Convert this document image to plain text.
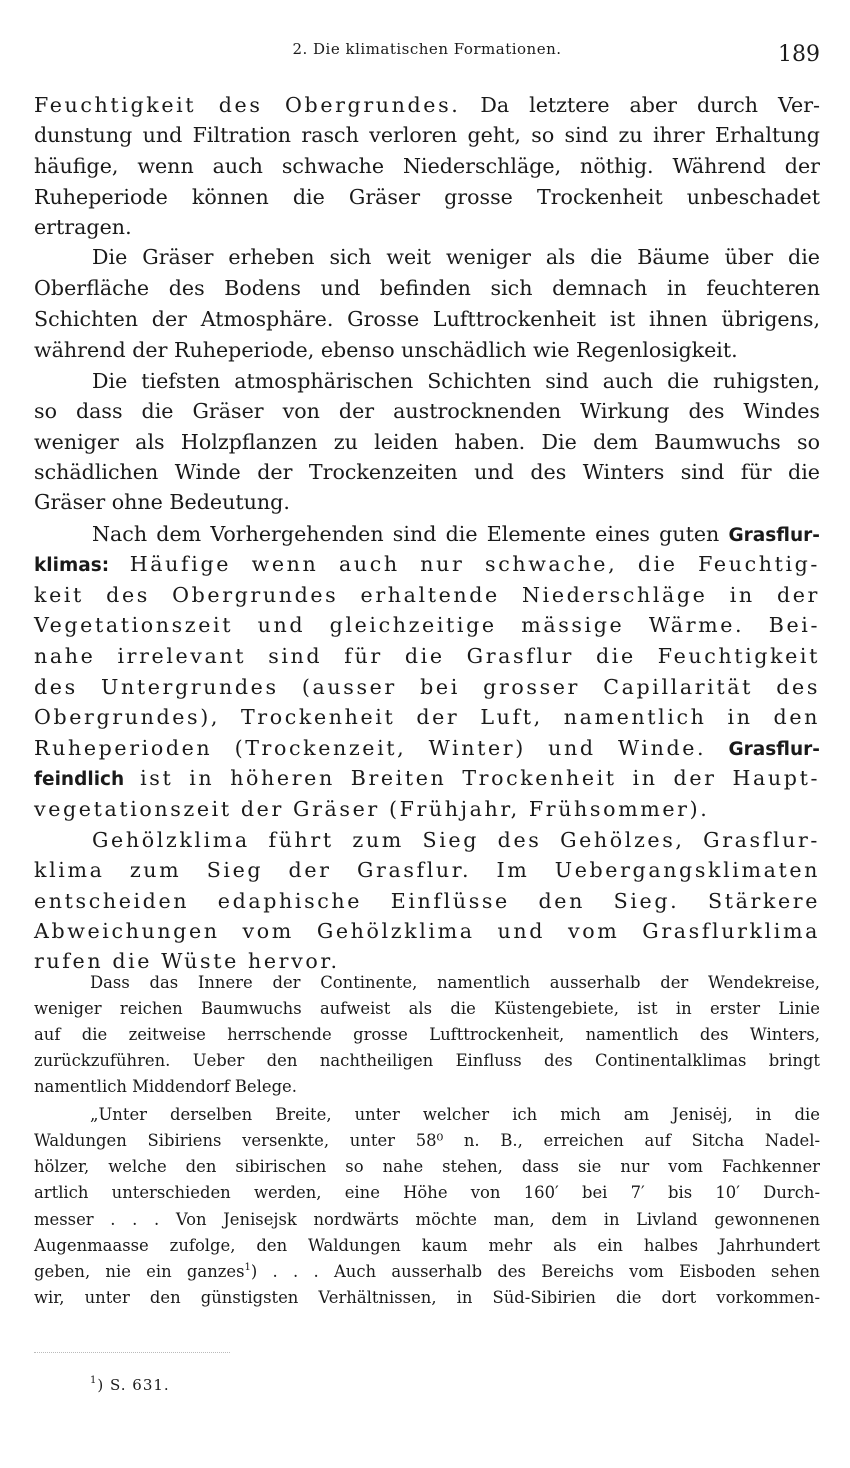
2. Die klimatischen Formationen.	189
Feuchtigkeit des Obergrundes. Da letztere aber durch Ver-
dunstung und Filtration rasch verloren geht, so sind zu ihrer Erhaltung
häufige, wenn auch schwache Niederschläge, nöthig. Während der
Ruheperiode können die Gräser grosse Trockenheit unbeschadet
ertragen.
Die Gräser erheben sich weit weniger als die Bäume über die
Oberfläche des Bodens und befinden sich demnach in feuchteren
Schichten der Atmosphäre. Grosse Lufttrockenheit ist ihnen übrigens,
während der Ruheperiode, ebenso unschädlich wie Regenlosigkeit.
Die tiefsten atmosphärischen Schichten sind auch die ruhigsten,
so dass die Gräser von der austrocknenden Wirkung des Windes
weniger als Holzpflanzen zu leiden haben. Die dem Baumwuchs so
schädlichen Winde der Trockenzeiten und des Winters sind für die
Gräser ohne Bedeutung.
Nach dem Vorhergehenden sind die Elemente eines guten Grasflur-
klimas: Häufige wenn auch nur schwache, die Feuchtig-
keit des Obergrundes erhaltende Niederschläge in der
Vegetationszeit und gleichzeitige mässige Wärme. Bei-
nahe irrelevant sind für die Grasflur die Feuchtigkeit
des Untergrundes (ausser bei grosser Capillarität des
Obergrundes), Trockenheit der Luft, namentlich in den
Ruheperioden (Trockenzeit, Winter) und Winde. Grasflur-
feindlich ist in höheren Breiten Trockenheit in der Haupt-
vegetationszeit der Gräser (Frühjahr, Frühsommer).
Gehölzklima führt zum Sieg des Gehölzes, Grasflur-
klima zum Sieg der Grasflur. Im Uebergangsklimaten
entscheiden edaphische Einflüsse den Sieg. Stärkere
Abweichungen vom Gehölzklima und vom Grasflurklima
rufen die Wüste hervor.
Dass das Innere der Continente, namentlich ausserhalb der Wendekreise,
weniger reichen Baumwuchs aufweist als die Küstengebiete, ist in erster Linie
auf die zeitweise herrschende grosse Lufttrockenheit, namentlich des Winters,
zurückzuführen. Ueber den nachtheiligen Einfluss des Continentalklimas bringt
namentlich Middendorf Belege.
„Unter derselben Breite, unter welcher ich mich am Jenisėj, in die
Waldungen Sibiriens versenkte, unter 58⁰ n. B., erreichen auf Sitcha Nadel-
hölzer, welche den sibirischen so nahe stehen, dass sie nur vom Fachkenner
artlich unterschieden werden, eine Höhe von 160′ bei 7′ bis 10′ Durch-
messer . . . Von Jenisejsk nordwärts möchte man, dem in Livland gewonnenen
Augenmaasse zufolge, den Waldungen kaum mehr als ein halbes Jahrhundert
geben, nie ein ganzes$^1$) . . . Auch ausserhalb des Bereichs vom Eisboden sehen
wir, unter den günstigsten Verhältnissen, in Süd-Sibirien die dort vorkommen-
$^1$) S. 631.
